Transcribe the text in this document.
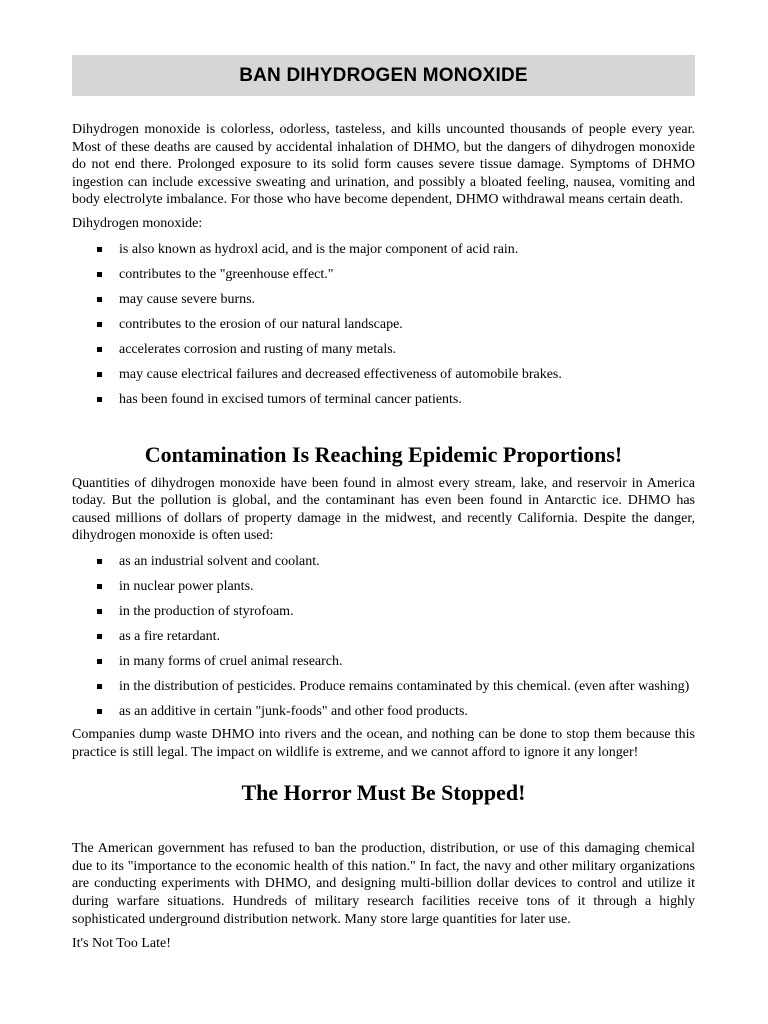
BAN DIHYDROGEN MONOXIDE

Dihydrogen monoxide is colorless, odorless, tasteless, and kills uncounted thousands of people every year. Most of these deaths are caused by accidental inhalation of DHMO, but the dangers of dihydrogen monoxide do not end there. Prolonged exposure to its solid form causes severe tissue damage. Symptoms of DHMO ingestion can include excessive sweating and urination, and possibly a bloated feeling, nausea, vomiting and body electrolyte imbalance. For those who have become dependent, DHMO withdrawal means certain death.

Dihydrogen monoxide:

is also known as hydroxl acid, and is the major component of acid rain.
contributes to the "greenhouse effect."
may cause severe burns.
contributes to the erosion of our natural landscape.
accelerates corrosion and rusting of many metals.
may cause electrical failures and decreased effectiveness of automobile brakes.
has been found in excised tumors of terminal cancer patients.
Contamination Is Reaching Epidemic Proportions!

Quantities of dihydrogen monoxide have been found in almost every stream, lake, and reservoir in America today. But the pollution is global, and the contaminant has even been found in Antarctic ice. DHMO has caused millions of dollars of property damage in the midwest, and recently California. Despite the danger, dihydrogen monoxide is often used:

as an industrial solvent and coolant.
in nuclear power plants.
in the production of styrofoam.
as a fire retardant.
in many forms of cruel animal research.
in the distribution of pesticides. Produce remains contaminated by this chemical. (even after washing)
as an additive in certain "junk-foods" and other food products.

Companies dump waste DHMO into rivers and the ocean, and nothing can be done to stop them because this practice is still legal. The impact on wildlife is extreme, and we cannot afford to ignore it any longer!

The Horror Must Be Stopped!

The American government has refused to ban the production, distribution, or use of this damaging chemical due to its "importance to the economic health of this nation." In fact, the navy and other military organizations are conducting experiments with DHMO, and designing multi-billion dollar devices to control and utilize it during warfare situations. Hundreds of military research facilities receive tons of it through a highly sophisticated underground distribution network. Many store large quantities for later use.

It's Not Too Late!
